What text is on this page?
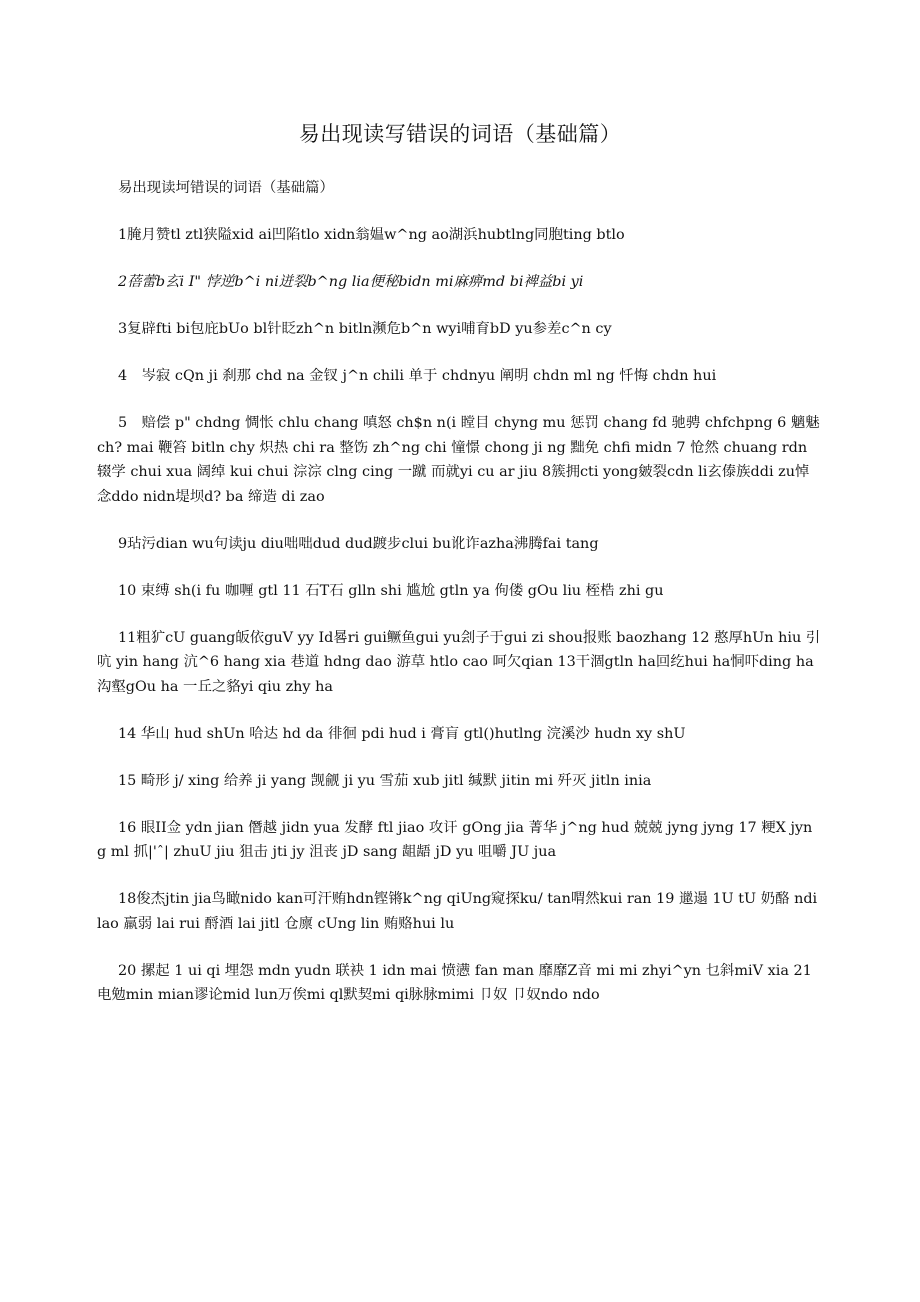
易出现读写错误的词语（基础篇）

易出现读坷错误的词语（基础篇）

1腌月赞tl ztl狭隘xid ai凹陷tlo xidn翁媪w^ng ao湖浜hubtlng同胞ting btlo

2蓓蕾b玄i I" 悖逆b^i ni迸裂b^ng lia便秘bidn mi麻痹md bi裨益bi yi

3复辟fti bi包庇bUo bl针眨zh^n bitln濒危b^n wyi哺育bD yu参差c^n cy

4　岑寂 cQn ji 刹那 chd na 金钗 j^n chili 单于 chdnyu 阐明 chdn ml ng 忏悔 chdn hui

5　赔偿 p" chdng 惆怅 chlu chang 嗔怒 ch$n n(i 瞠目 chyng mu 惩罚 chang fd 驰骋 chfchpng 6 魑魅 ch? mai 鞭笞 bitln chy 炽热 chi ra 整饬 zh^ng chi 憧憬 chong ji ng 黜免 chfi midn 7 怆然 chuang rdn 辍学 chui xua 阔绰 kui chui 淙淙 clng cing 一蹴 而就yi cu ar jiu 8簇拥cti yong皴裂cdn li玄傣族ddi zu悼念ddo nidn堤坝d? ba 缔造 di zao

9玷污dian wu句读ju diu咄咄dud dud踱步clui bu讹诈azha沸腾fai tang

10 束缚 sh(i fu 咖喱 gtl 11 石T石 glln shi 尴尬 gtln ya 佝偻 gOu liu 桎梏 zhi gu

11粗犷cU guang皈依guV yy Id晷ri gui鳜鱼gui yu刽子于gui zi shou报账 baozhang 12 憨厚hUn hiu 引吭 yin hang 沆^6 hang xia 巷道 hdng dao 游草 htlo cao 呵欠qian 13干涸gtln ha回纥hui ha恫吓ding ha沟壑gOu ha 一丘之貉yi qiu zhy ha

14 华山 hud shUn 哈达 hd da 徘徊 pdi hud i 膏肓 gtl()hutlng 浣溪沙 hudn xy shU

15 畸形 j/ xing 给养 ji yang 觊觎 ji yu 雪茄 xub jitl 缄默 jitin mi 歼灭 jitln inia

16 眼II佥 ydn jian 僭越 jidn yua 发酵 ftl jiao 攻讦 gOng jia 菁华 j^ng hud 兢兢 jyng jyng 17 粳X jyng ml 抓|'ˆ| zhuU jiu 狙击 jti jy 沮丧 jD sang 龃龉 jD yu 咀嚼 JU jua

18俊杰jtin jia鸟瞰nido kan可汗贿hdn铿锵k^ng qiUng窥探ku/ tan喟然kui ran 19 邋遢 1U tU 奶酪 ndi lao 羸弱 lai rui 酹酒 lai jitl 仓廪 cUng lin 贿赂hui lu

20 摞起 1 ui qi 埋怨 mdn yudn 联袂 1 idn mai 愤懑 fan man 靡靡Z音 mi mi zhyi^yn 乜斜miV xia 21电勉min mian谬论mid lun万俟mi ql默契mi qi脉脉mimi 卩奴 卩奴ndo ndo
